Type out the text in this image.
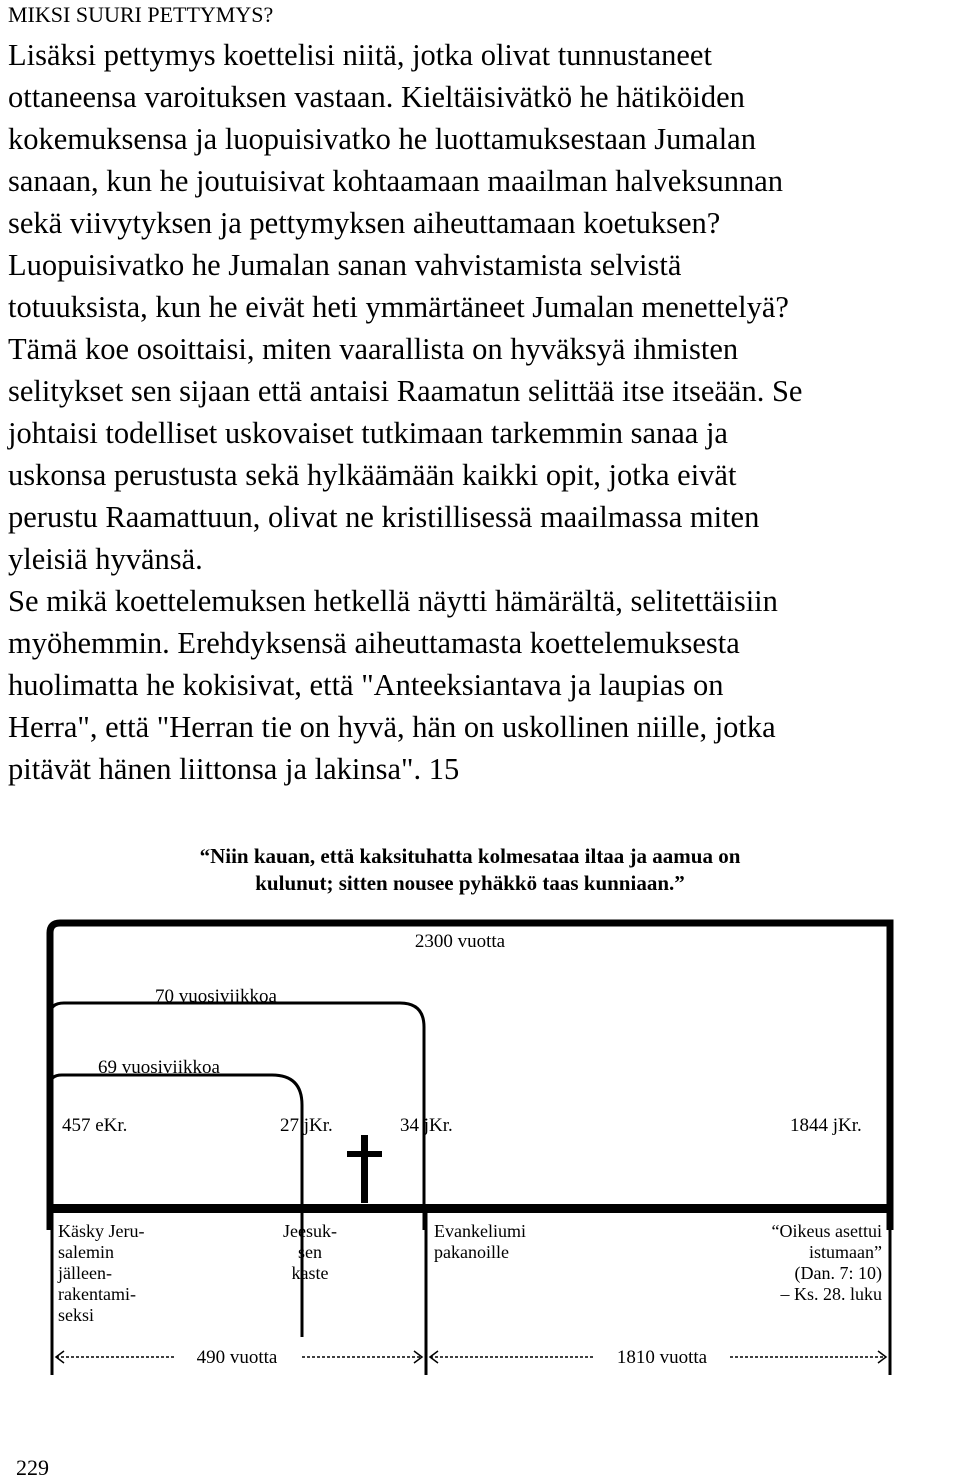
MIKSI SUURI PETTYMYS?
Lisäksi pettymys koettelisi niitä, jotka olivat tunnustaneet
ottaneensa varoituksen vastaan. Kieltäisivätkö he hätiköiden
kokemuksensa ja luopuisivatko he luottamuksestaan Jumalan
sanaan, kun he joutuisivat kohtaamaan maailman halveksunnan
sekä viivytyksen ja pettymyksen aiheuttamaan koetuksen?
Luopuisivatko he Jumalan sanan vahvistamista selvistä
totuuksista, kun he eivät heti ymmärtäneet Jumalan menettelyä?
Tämä koe osoittaisi, miten vaarallista on hyväksyä ihmisten
selitykset sen sijaan että antaisi Raamatun selittää itse itseään. Se
johtaisi todelliset uskovaiset tutkimaan tarkemmin sanaa ja
uskonsa perustusta sekä hylkäämään kaikki opit, jotka eivät
perustu Raamattuun, olivat ne kristillisessä maailmassa miten
yleisiä hyvänsä.
Se mikä koettelemuksen hetkellä näytti hämärältä, selitettäisiin
myöhemmin. Erehdyksensä aiheuttamasta koettelemuksesta
huolimatta he kokisivat, että "Anteeksiantava ja laupias on
Herra", että "Herran tie on hyvä, hän on uskollinen niille, jotka
pitävät hänen liittonsa ja lakinsa". 15
“Niin kauan, että kaksituhatta kolmesataa iltaa ja aamua on
kulunut; sitten nousee pyhäkkö taas kunniaan.”
2300 vuotta
70 vuosiviikkoa
69 vuosiviikkoa
457 eKr.	27 jKr.	34 jKr.	1844 jKr.
Käsky Jeru-
salemin
jälleen-
rakentami-
seksi
Jeesuk-
sen
kaste
Evankeliumi
pakanoille
“Oikeus asettui
istumaan”
(Dan. 7: 10)
– Ks. 28. luku
490 vuotta	1810 vuotta
229
